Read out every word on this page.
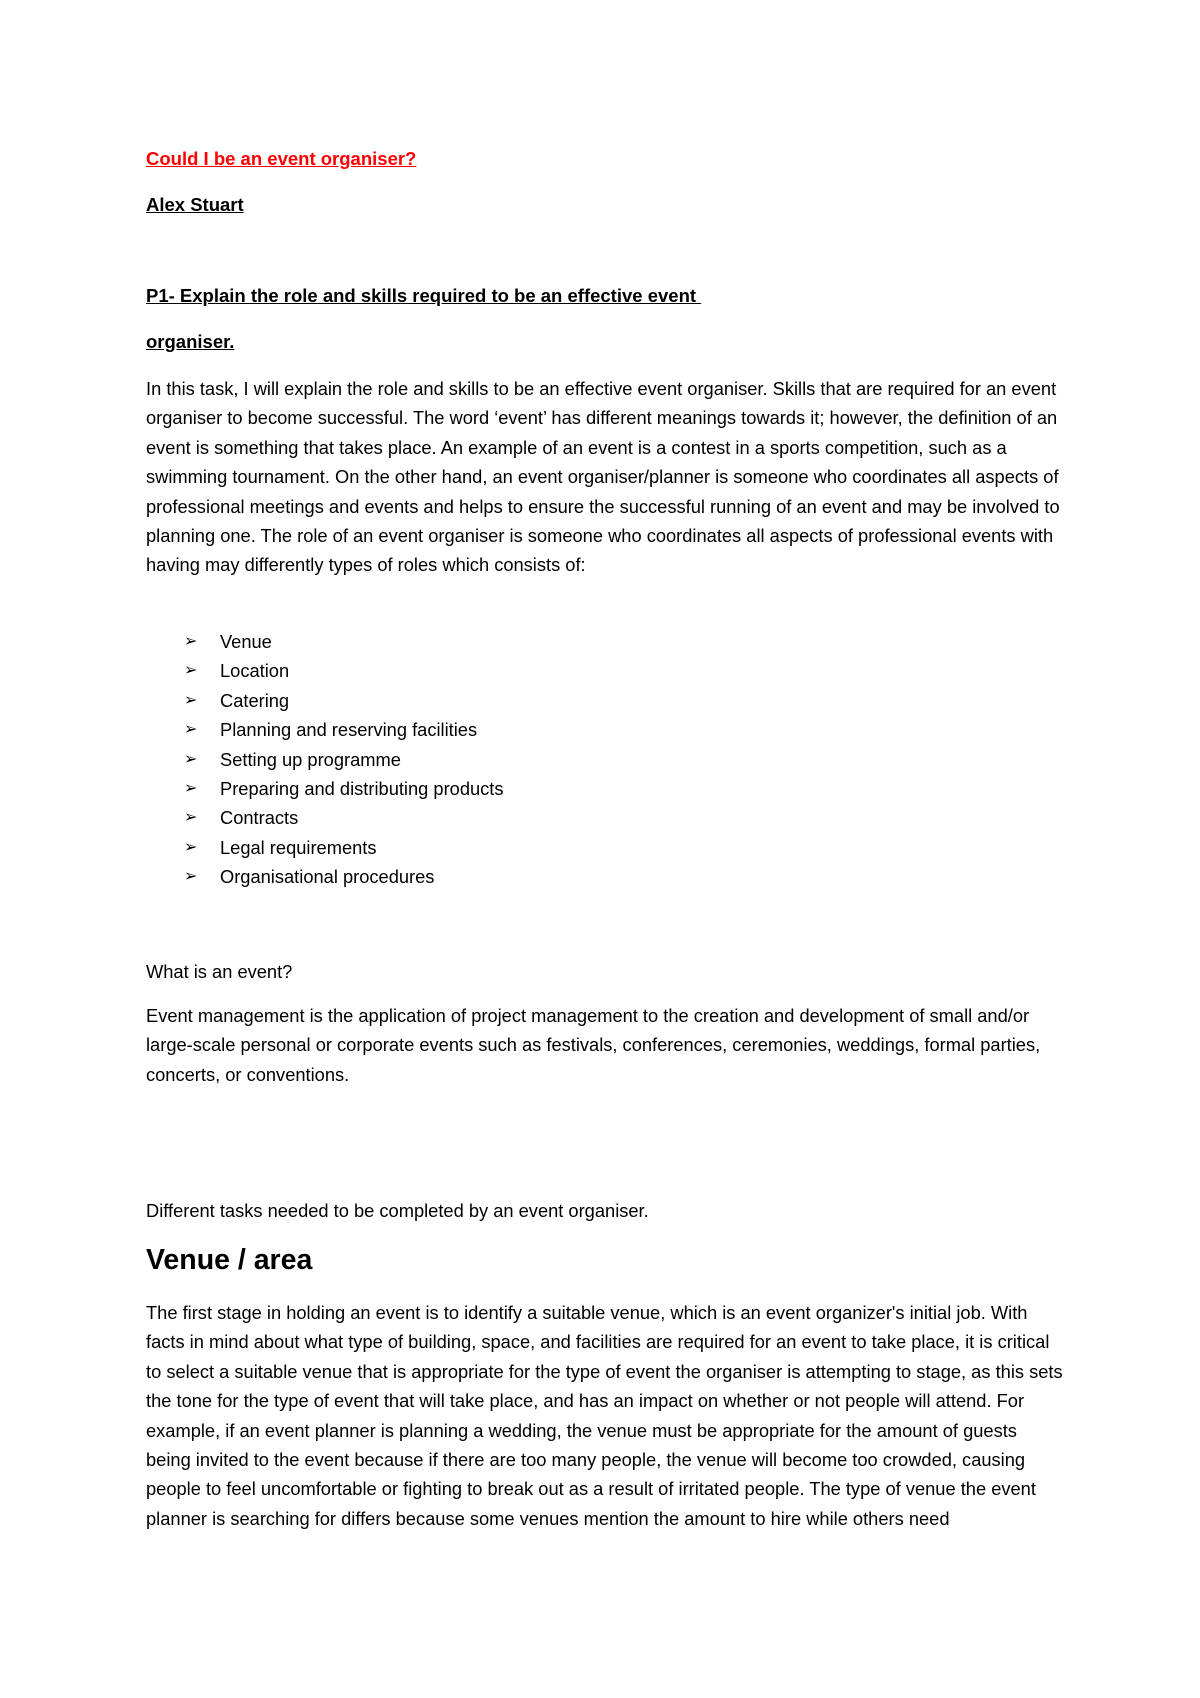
Could I be an event organiser?
Alex Stuart
P1- Explain the role and skills required to be an effective event
organiser.

In this task, I will explain the role and skills to be an effective event organiser. Skills that are required for an event organiser to become successful. The word ‘event’ has different meanings towards it; however, the definition of an event is something that takes place. An example of an event is a contest in a sports competition, such as a swimming tournament. On the other hand, an event organiser/planner is someone who coordinates all aspects of professional meetings and events and helps to ensure the successful running of an event and may be involved to planning one. The role of an event organiser is someone who coordinates all aspects of professional events with having may differently types of roles which consists of:

➢ Venue
➢ Location
➢ Catering
➢ Planning and reserving facilities
➢ Setting up programme
➢ Preparing and distributing products
➢ Contracts
➢ Legal requirements
➢ Organisational procedures
What is an event?

Event management is the application of project management to the creation and development of small and/or large-scale personal or corporate events such as festivals, conferences, ceremonies, weddings, formal parties, concerts, or conventions.

Different tasks needed to be completed by an event organiser.
Venue / area

The first stage in holding an event is to identify a suitable venue, which is an event organizer's initial job. With facts in mind about what type of building, space, and facilities are required for an event to take place, it is critical to select a suitable venue that is appropriate for the type of event the organiser is attempting to stage, as this sets the tone for the type of event that will take place, and has an impact on whether or not people will attend. For example, if an event planner is planning a wedding, the venue must be appropriate for the amount of guests being invited to the event because if there are too many people, the venue will become too crowded, causing people to feel uncomfortable or fighting to break out as a result of irritated people. The type of venue the event planner is searching for differs because some venues mention the amount to hire while others need
